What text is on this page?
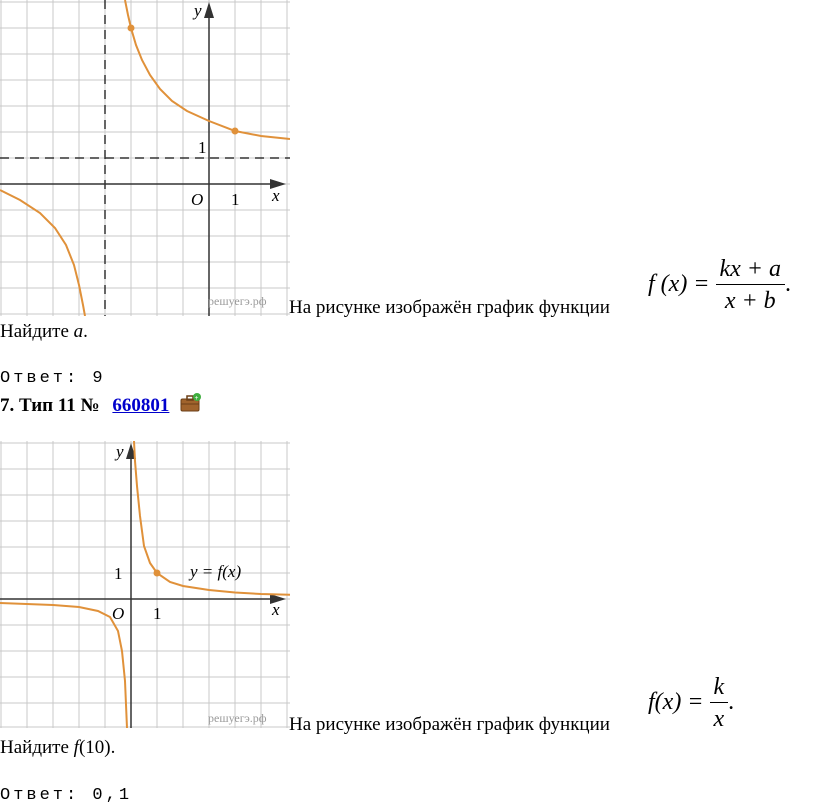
y
x
O 1
1
решуегэ.рф На рисунке изображён график функции
f $(x) = \frac{kx + a}{x + b}$ .
Найдите a.
Ответ: 9
7. Тип 11 № 660801	+
y
x
O 1
1	y = f(x)
решуегэ.рф На рисунке изображён график функции
$f(x) = \frac{k}{x}$ .
Найдите f(10).
Ответ: 0,1
